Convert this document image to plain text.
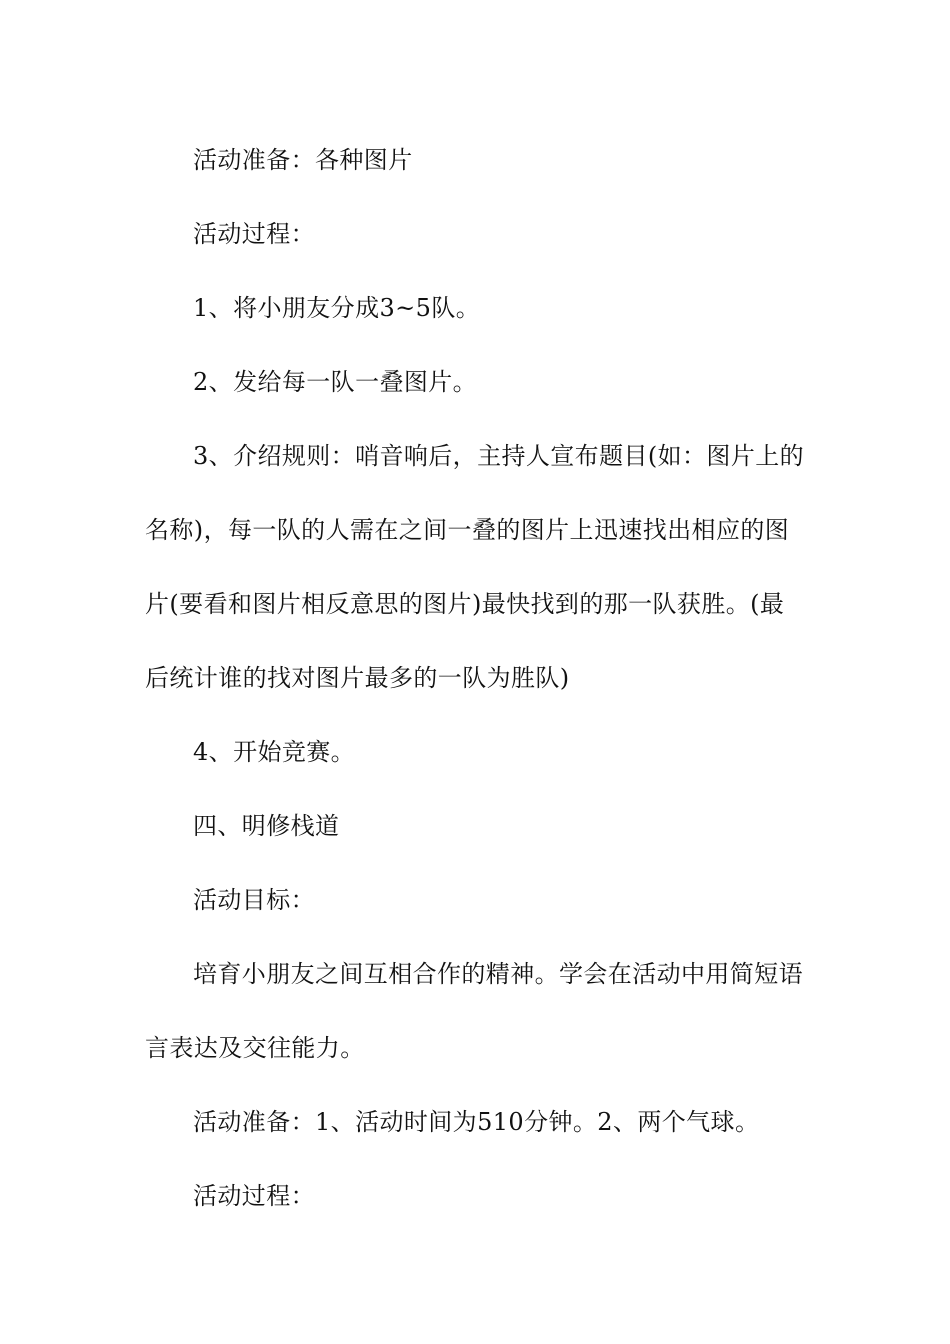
活动准备：各种图片

活动过程：

1、将小朋友分成3~5队。

2、发给每一队一叠图片。

3、介绍规则：哨音响后，主持人宣布题目(如：图片上的名称)，每一队的人需在之间一叠的图片上迅速找出相应的图片(要看和图片相反意思的图片)最快找到的那一队获胜。(最后统计谁的找对图片最多的一队为胜队)

4、开始竞赛。

四、明修栈道

活动目标：

培育小朋友之间互相合作的精神。学会在活动中用简短语言表达及交往能力。

活动准备：1、活动时间为510分钟。2、两个气球。

活动过程：
